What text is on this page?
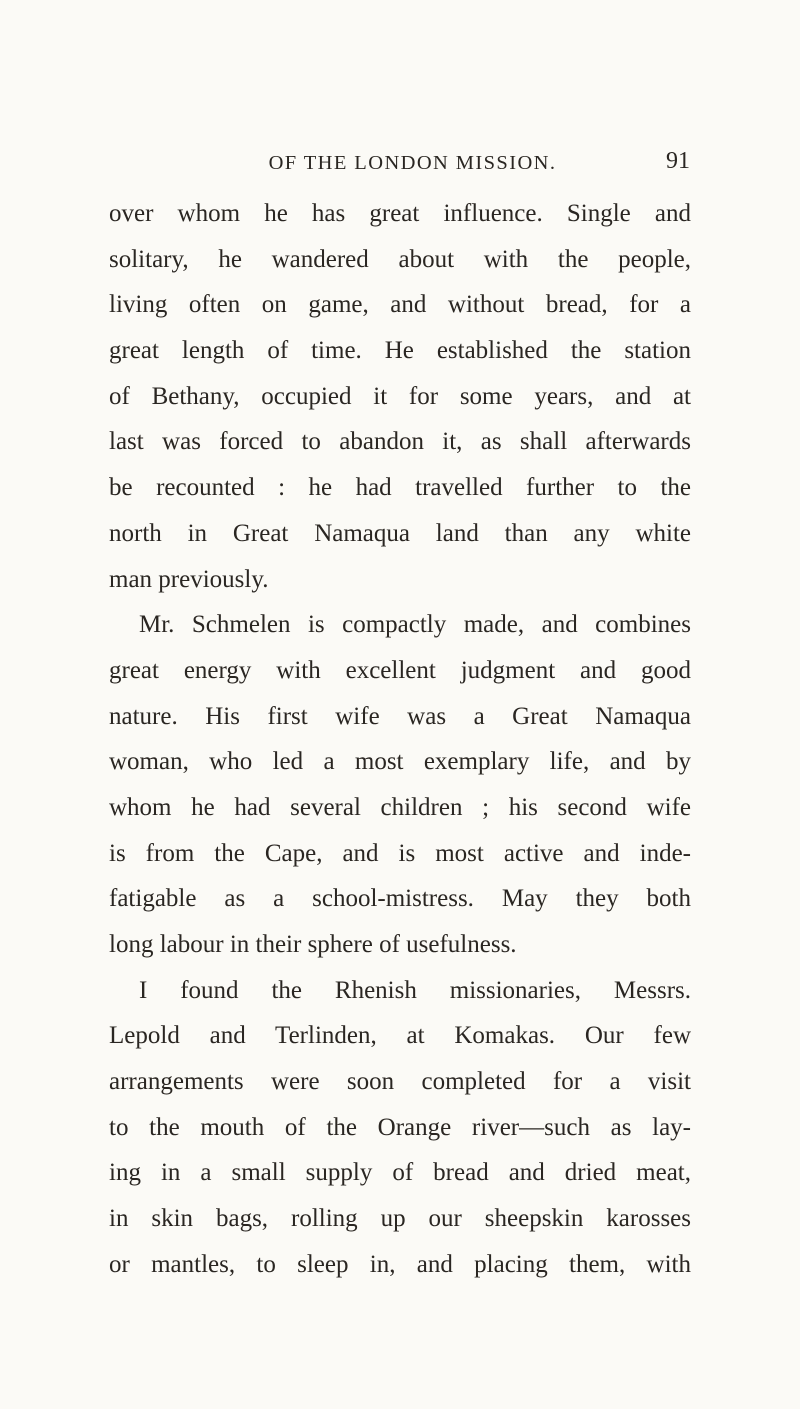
OF THE LONDON MISSION.	91
over whom he has great influence. Single and
solitary, he wandered about with the people,
living often on game, and without bread, for a
great length of time. He established the station
of Bethany, occupied it for some years, and at
last was forced to abandon it, as shall afterwards
be recounted : he had travelled further to the
north in Great Namaqua land than any white
man previously.
Mr. Schmelen is compactly made, and combines
great energy with excellent judgment and good
nature. His first wife was a Great Namaqua
woman, who led a most exemplary life, and by
whom he had several children ; his second wife
is from the Cape, and is most active and inde-
fatigable as a school-mistress. May they both
long labour in their sphere of usefulness.
I found the Rhenish missionaries, Messrs.
Lepold and Terlinden, at Komakas. Our few
arrangements were soon completed for a visit
to the mouth of the Orange river—such as lay-
ing in a small supply of bread and dried meat,
in skin bags, rolling up our sheepskin karosses
or mantles, to sleep in, and placing them, with
